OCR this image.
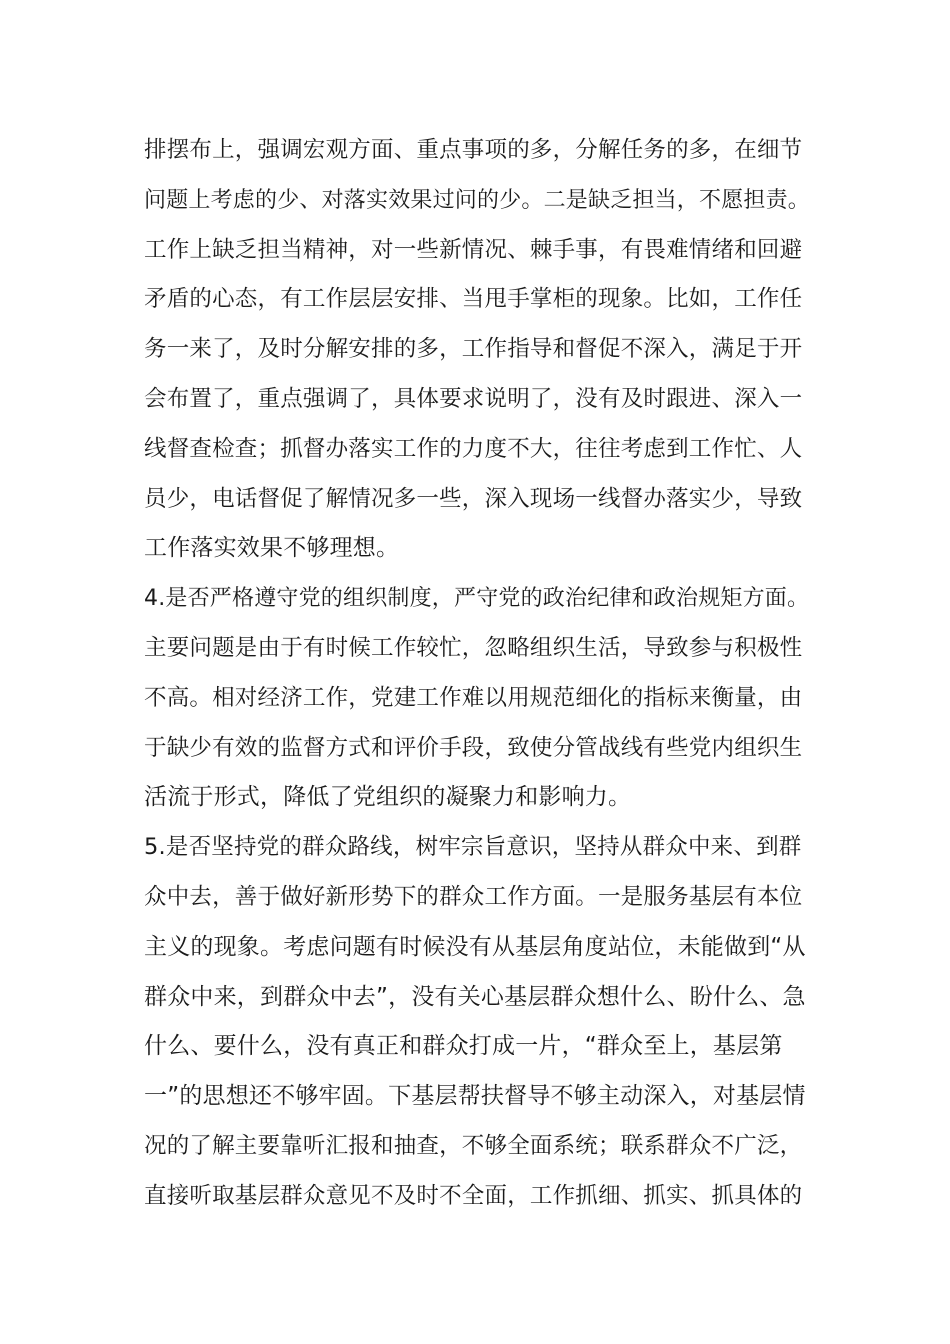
排摆布上，强调宏观方面、重点事项的多，分解任务的多，在细节
问题上考虑的少、对落实效果过问的少。二是缺乏担当，不愿担责。
工作上缺乏担当精神，对一些新情况、棘手事，有畏难情绪和回避
矛盾的心态，有工作层层安排、当甩手掌柜的现象。比如，工作任
务一来了，及时分解安排的多，工作指导和督促不深入，满足于开
会布置了，重点强调了，具体要求说明了，没有及时跟进、深入一
线督查检查；抓督办落实工作的力度不大，往往考虑到工作忙、人
员少，电话督促了解情况多一些，深入现场一线督办落实少，导致
工作落实效果不够理想。
4.是否严格遵守党的组织制度，严守党的政治纪律和政治规矩方面。
主要问题是由于有时候工作较忙，忽略组织生活，导致参与积极性
不高。相对经济工作，党建工作难以用规范细化的指标来衡量，由
于缺少有效的监督方式和评价手段，致使分管战线有些党内组织生
活流于形式，降低了党组织的凝聚力和影响力。
5.是否坚持党的群众路线，树牢宗旨意识，坚持从群众中来、到群
众中去，善于做好新形势下的群众工作方面。一是服务基层有本位
主义的现象。考虑问题有时候没有从基层角度站位，未能做到“从
群众中来，到群众中去”，没有关心基层群众想什么、盼什么、急
什么、要什么，没有真正和群众打成一片，“群众至上，基层第
一”的思想还不够牢固。下基层帮扶督导不够主动深入，对基层情
况的了解主要靠听汇报和抽查，不够全面系统；联系群众不广泛，
直接听取基层群众意见不及时不全面，工作抓细、抓实、抓具体的
